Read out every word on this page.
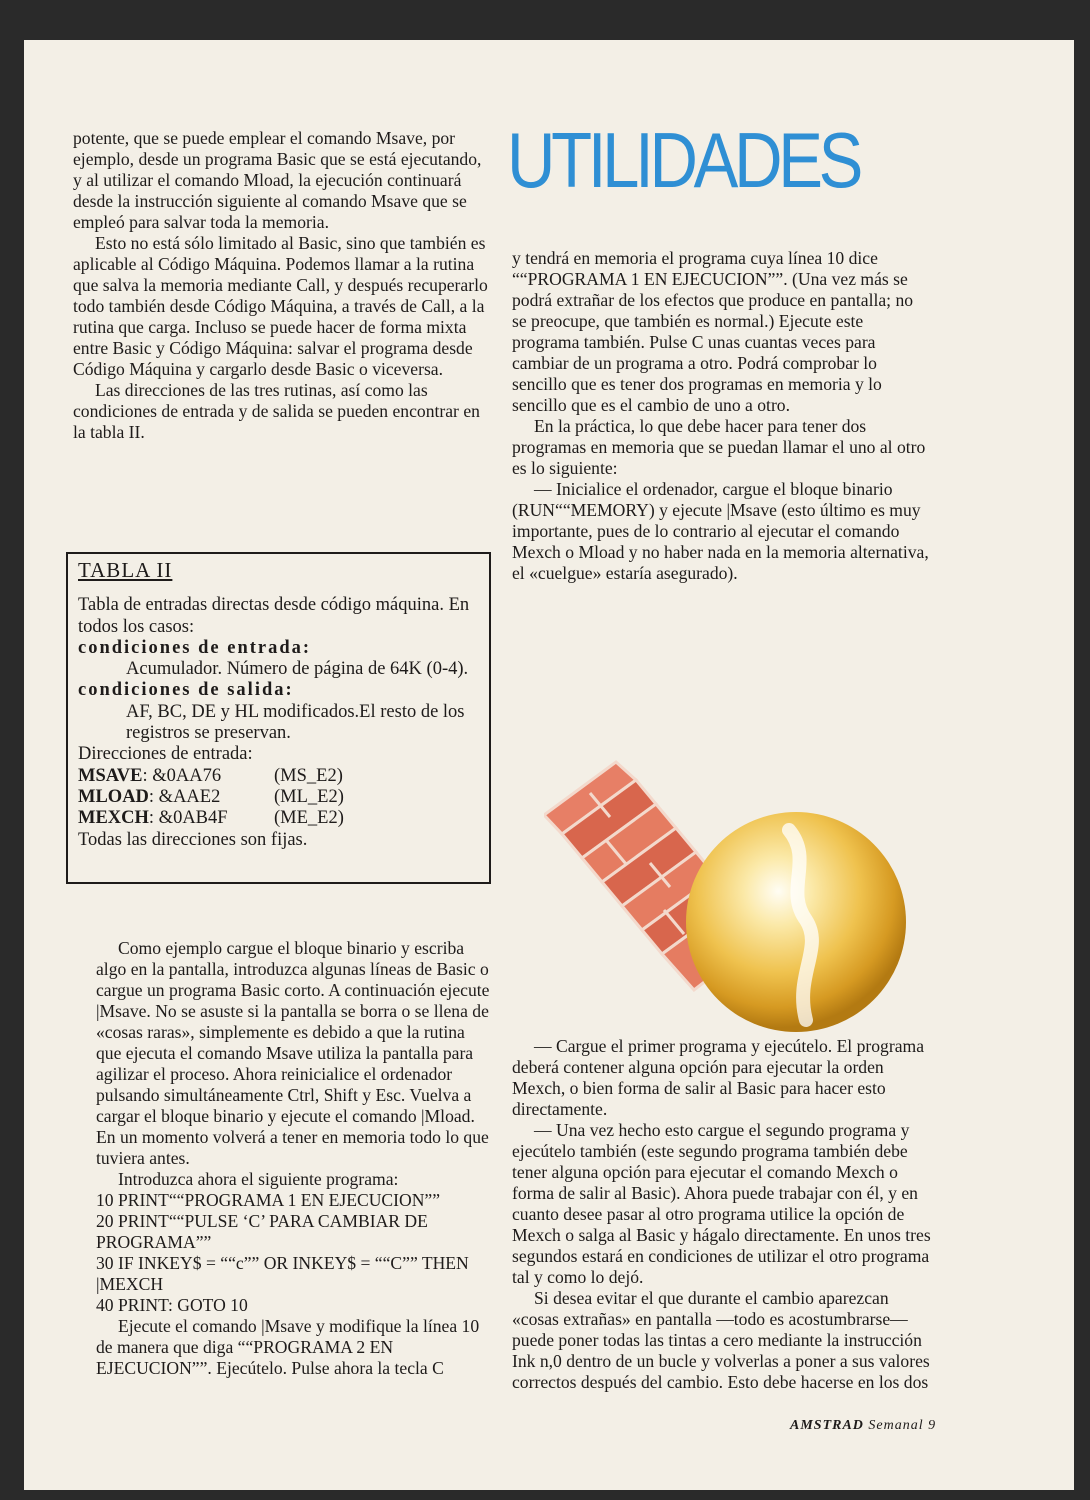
UTILIDADES

potente, que se puede emplear el comando Msave, por ejemplo, desde un programa Basic que se está ejecutando, y al utilizar el comando Mload, la ejecución continuará desde la instrucción siguiente al comando Msave que se empleó para salvar toda la memoria.

Esto no está sólo limitado al Basic, sino que también es aplicable al Código Máquina. Podemos llamar a la rutina que salva la memoria mediante Call, y después recuperarlo todo también desde Código Máquina, a través de Call, a la rutina que carga. Incluso se puede hacer de forma mixta entre Basic y Código Máquina: salvar el programa desde Código Máquina y cargarlo desde Basic o viceversa.

Las direcciones de las tres rutinas, así como las condiciones de entrada y de salida se pueden encontrar en la tabla II.

TABLA II

Tabla de entradas directas desde código máquina. En todos los casos:

condiciones de entrada:

Acumulador. Número de página de 64K (0-4).

condiciones de salida:

AF, BC, DE y HL modificados.El resto de los registros se preservan.

Direcciones de entrada:

MSAVE: &0AA76	(MS_E2)

MLOAD: &AAE2	(ML_E2)

MEXCH: &0AB4F	(ME_E2)

Todas las direcciones son fijas.

Como ejemplo cargue el bloque binario y escriba algo en la pantalla, introduzca algunas líneas de Basic o cargue un programa Basic corto. A continuación ejecute |Msave. No se asuste si la pantalla se borra o se llena de «cosas raras», simplemente es debido a que la rutina que ejecuta el comando Msave utiliza la pantalla para agilizar el proceso. Ahora reinicialice el ordenador pulsando simultáneamente Ctrl, Shift y Esc. Vuelva a cargar el bloque binario y ejecute el comando |Mload. En un momento volverá a tener en memoria todo lo que tuviera antes.

Introduzca ahora el siguiente programa:

10 PRINT““PROGRAMA 1 EN EJECUCION””

20 PRINT““PULSE ‘C’ PARA CAMBIAR DE PROGRAMA””

30 IF INKEY$ = ““c”” OR INKEY$ = ““C”” THEN |MEXCH

40 PRINT: GOTO 10

Ejecute el comando |Msave y modifique la línea 10 de manera que diga ““PROGRAMA 2 EN EJECUCION””. Ejecútelo. Pulse ahora la tecla C

y tendrá en memoria el programa cuya línea 10 dice ““PROGRAMA 1 EN EJECUCION””. (Una vez más se podrá extrañar de los efectos que produce en pantalla; no se preocupe, que también es normal.) Ejecute este programa también. Pulse C unas cuantas veces para cambiar de un programa a otro. Podrá comprobar lo sencillo que es tener dos programas en memoria y lo sencillo que es el cambio de uno a otro.

En la práctica, lo que debe hacer para tener dos programas en memoria que se puedan llamar el uno al otro es lo siguiente:

— Inicialice el ordenador, cargue el bloque binario (RUN““MEMORY) y ejecute |Msave (esto último es muy importante, pues de lo contrario al ejecutar el comando Mexch o Mload y no haber nada en la memoria alternativa, el «cuelgue» estaría asegurado).

— Cargue el primer programa y ejecútelo. El programa deberá contener alguna opción para ejecutar la orden Mexch, o bien forma de salir al Basic para hacer esto directamente.

— Una vez hecho esto cargue el segundo programa y ejecútelo también (este segundo programa también debe tener alguna opción para ejecutar el comando Mexch o forma de salir al Basic). Ahora puede trabajar con él, y en cuanto desee pasar al otro programa utilice la opción de Mexch o salga al Basic y hágalo directamente. En unos tres segundos estará en condiciones de utilizar el otro programa tal y como lo dejó.

Si desea evitar el que durante el cambio aparezcan «cosas extrañas» en pantalla —todo es acostumbrarse— puede poner todas las tintas a cero mediante la instrucción Ink n,0 dentro de un bucle y volverlas a poner a sus valores correctos después del cambio. Esto debe hacerse en los dos

AMSTRAD Semanal 9
